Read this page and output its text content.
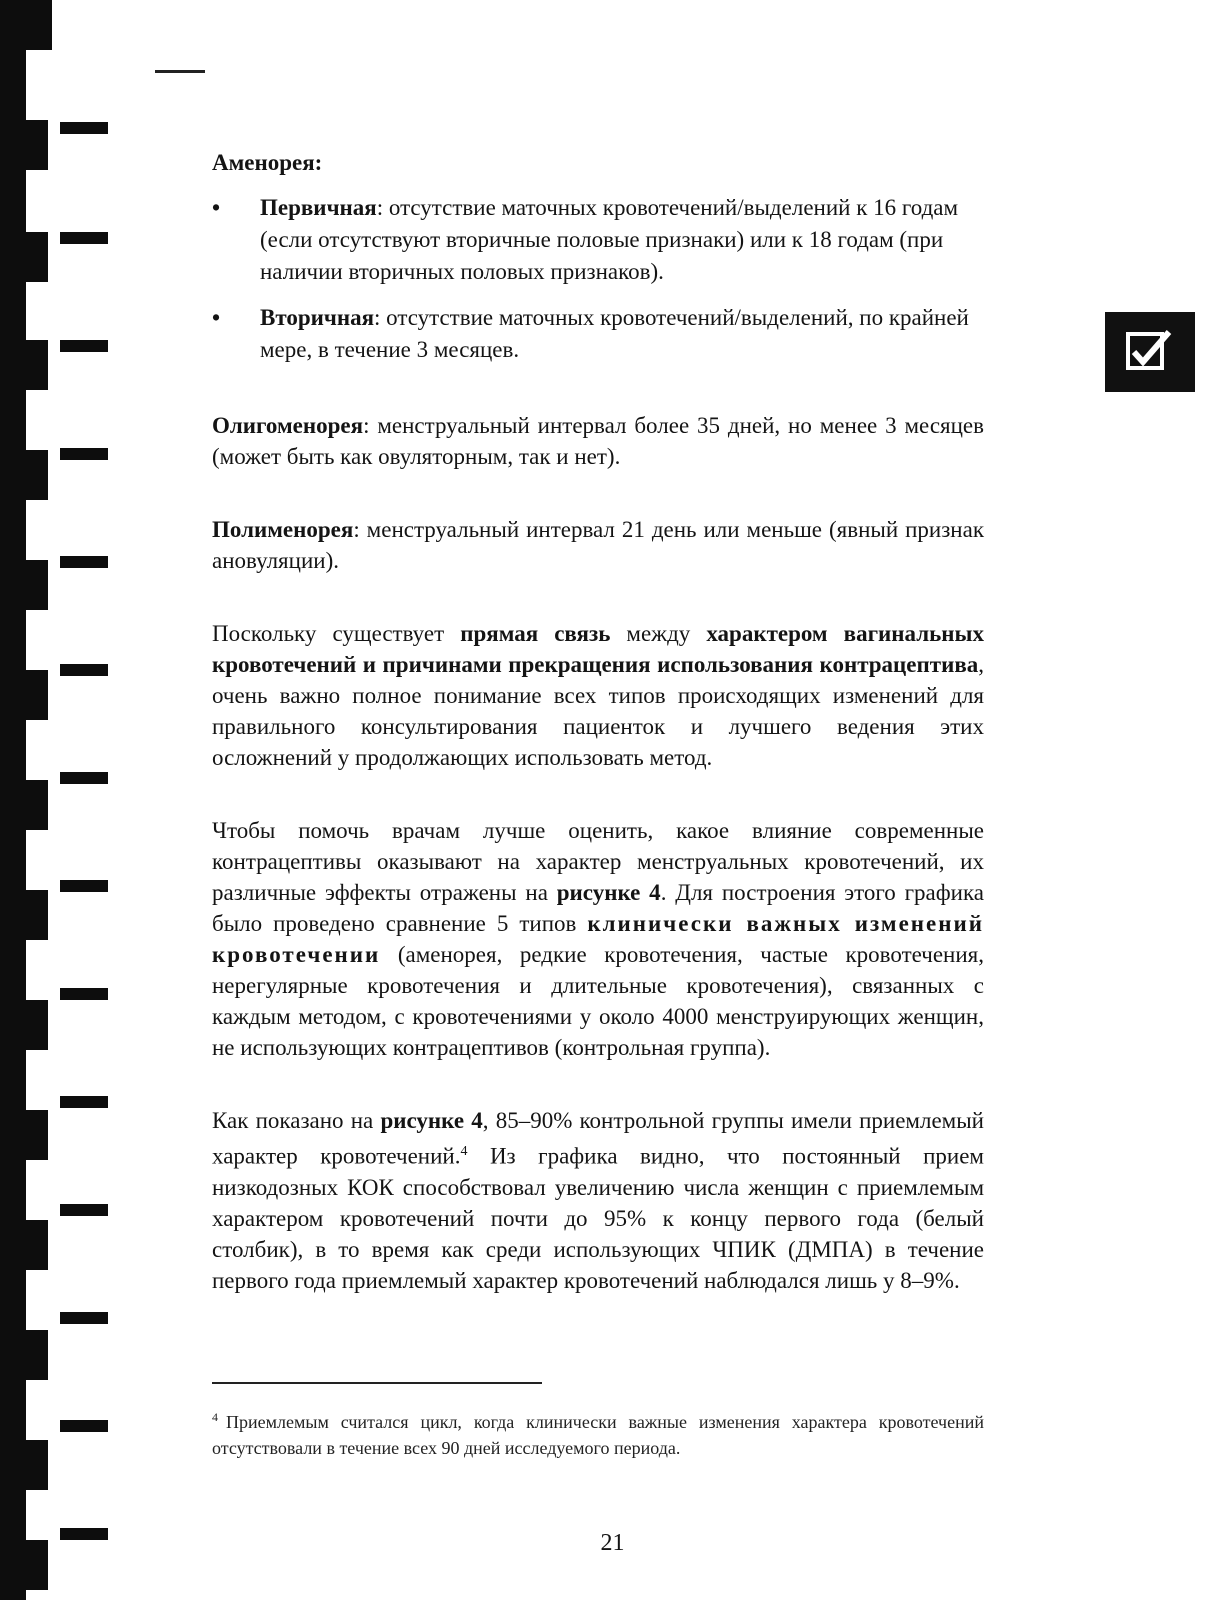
Аменорея:
•	Первичная: отсутствие маточных кровотечений/выделений к 16 годам (если отсутствуют вторичные половые признаки) или к 18 годам (при наличии вторичных половых признаков).
•	Вторичная: отсутствие маточных кровотечений/выделений, по крайней мере, в течение 3 месяцев.

Олигоменорея: менструальный интервал более 35 дней, но менее 3 месяцев (может быть как овуляторным, так и нет).

Полименорея: менструальный интервал 21 день или меньше (явный признак ановуляции).

Поскольку существует прямая связь между характером вагинальных кровотечений и причинами прекращения использования контрацептива, очень важно полное понимание всех типов происходящих изменений для правильного консультирования пациенток и лучшего ведения этих осложнений у продолжающих использовать метод.

Чтобы помочь врачам лучше оценить, какое влияние современные контрацептивы оказывают на характер менструальных кровотечений, их различные эффекты отражены на рисунке 4. Для построения этого графика было проведено сравнение 5 типов клинически важных изменений кровотечении (аменорея, редкие кровотечения, частые кровотечения, нерегулярные кровотечения и длительные кровотечения), связанных с каждым методом, с кровотечениями у около 4000 менструирующих женщин, не использующих контрацептивов (контрольная группа).

Как показано на рисунке 4, 85–90% контрольной группы имели приемлемый характер кровотечений.$^4$ Из графика видно, что постоянный прием низкодозных КОК способствовал увеличению числа женщин с приемлемым характером кровотечений почти до 95% к концу первого года (белый столбик), в то время как среди использующих ЧПИК (ДМПА) в течение первого года приемлемый характер кровотечений наблюдался лишь у 8–9%.

$^4$ Приемлемым считался цикл, когда клинически важные изменения характера кровотечений отсутствовали в течение всех 90 дней исследуемого периода.
21
